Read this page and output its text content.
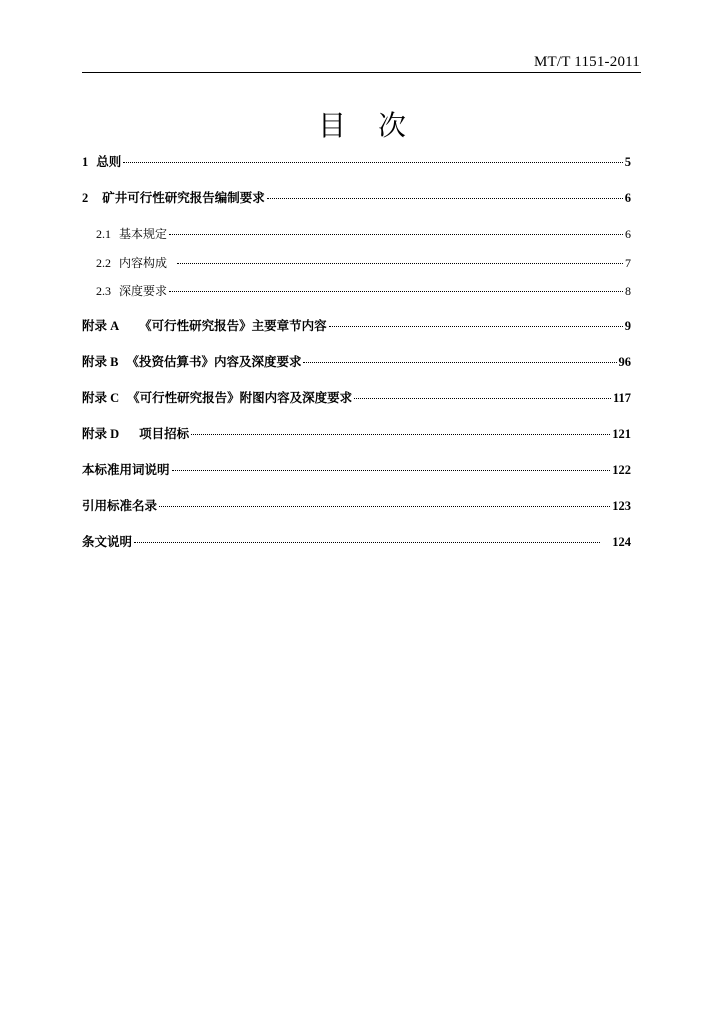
MT/T 1151-2011
目次
1 总则	5
2 矿井可行性研究报告编制要求	6
2.1 基本规定	6
2.2 内容构成	7
2.3 深度要求	8
附录 A 《可行性研究报告》主要章节内容	9
附录 B 《投资估算书》内容及深度要求	96
附录 C 《可行性研究报告》附图内容及深度要求	117
附录 D 项目招标	121
本标准用词说明	122
引用标准名录	123
条文说明	124
